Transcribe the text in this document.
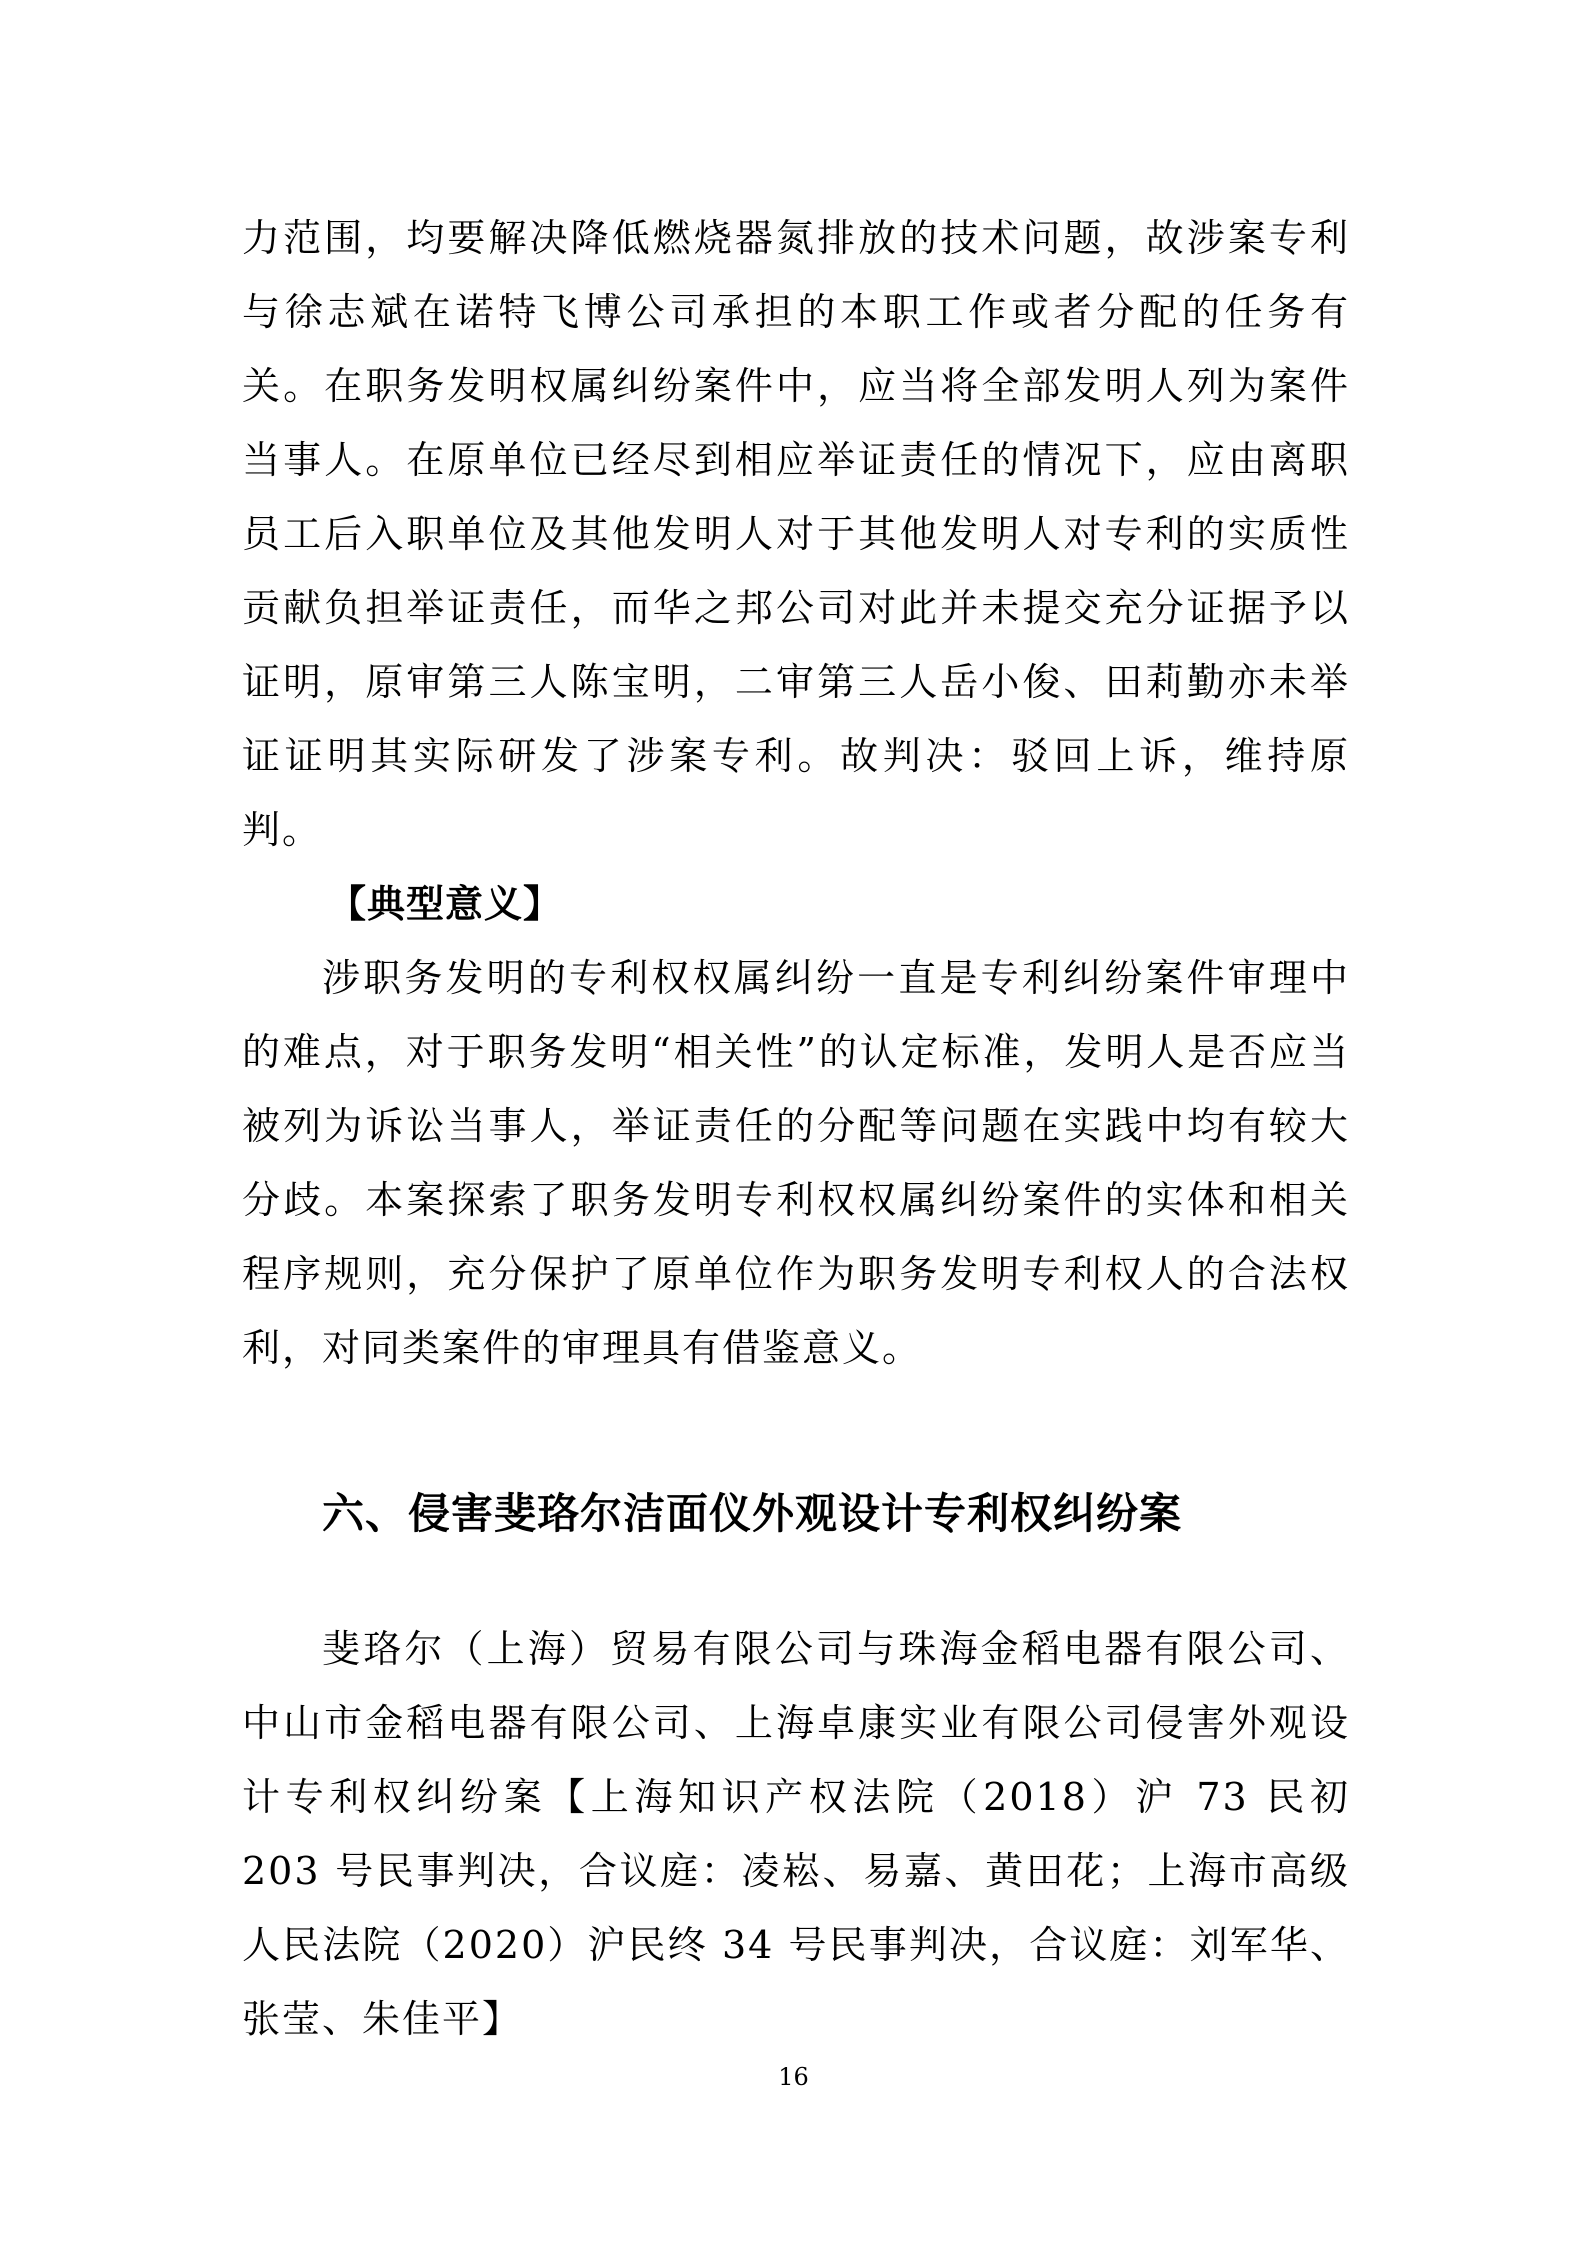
力范围，均要解决降低燃烧器氮排放的技术问题，故涉案专利与徐志斌在诺特飞博公司承担的本职工作或者分配的任务有关。在职务发明权属纠纷案件中，应当将全部发明人列为案件当事人。在原单位已经尽到相应举证责任的情况下，应由离职员工后入职单位及其他发明人对于其他发明人对专利的实质性贡献负担举证责任，而华之邦公司对此并未提交充分证据予以证明，原审第三人陈宝明，二审第三人岳小俊、田莉勤亦未举证证明其实际研发了涉案专利。故判决：驳回上诉，维持原判。

【典型意义】

涉职务发明的专利权权属纠纷一直是专利纠纷案件审理中的难点，对于职务发明“相关性”的认定标准，发明人是否应当被列为诉讼当事人，举证责任的分配等问题在实践中均有较大分歧。本案探索了职务发明专利权权属纠纷案件的实体和相关程序规则，充分保护了原单位作为职务发明专利权人的合法权利，对同类案件的审理具有借鉴意义。

六、侵害斐珞尔洁面仪外观设计专利权纠纷案

斐珞尔（上海）贸易有限公司与珠海金稻电器有限公司、中山市金稻电器有限公司、上海卓康实业有限公司侵害外观设计专利权纠纷案【上海知识产权法院（2018）沪 73 民初 203 号民事判决，合议庭：凌崧、易嘉、黄田花；上海市高级人民法院（2020）沪民终 34 号民事判决，合议庭：刘军华、张莹、朱佳平】

16
